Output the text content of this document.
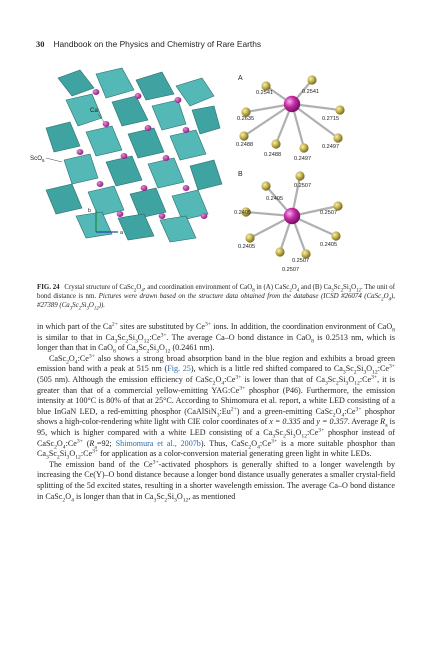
30 Handbook on the Physics and Chemistry of Rare Earths
Ca
ScO$_6$
b
a
A
0.2541	0.2541
0.2635	0.2715
0.2488	0.2497
0.2488
0.2497
B
0.2507
0.2405
0.2405	0.2507
0.2405	0.2405
0.2507
0.2507

FIG. 24 Crystal structure of $CaSc_2O_4$, and coordination environment of CaO$_8$ in (A) $CaSc_2O_4$ and (B) $Ca_3Sc_2Si_3O_{12}$. The unit of bond distance is nm. Pictures were drawn based on the structure data obtained from the database (ICSD #26074 $(CaSc_2O_4)$, #27389 $(Ca_3Sc_2Si_3O_{12})$).

in which part of the $Ca^{2+}$ sites are substituted by $Ce^{3+}$ ions. In addition, the coordination environment of CaO$_8$ is similar to that in $Ca_3Sc_2Si_3O_{12}:Ce^{3+}$. The average Ca–O bond distance in CaO$_8$ is 0.2513 nm, which is longer than that in CaO$_8$ of $Ca_3Sc_2Si_3O_{12}$ (0.2461 nm).

$CaSc_2O_4:Ce^{3+}$ also shows a strong broad absorption band in the blue region and exhibits a broad green emission band with a peak at 515 nm (Fig. 25), which is a little red shifted compared to $Ca_3Sc_2Si_3O_{12}:Ce^{3+}$ (505 nm). Although the emission efficiency of $CaSc_2O_4:Ce^{3+}$ is lower than that of $Ca_3Sc_2Si_3O_{12}:Ce^{3+}$, it is greater than that of a commercial yellow-emitting $YAG:Ce^{3+}$ phosphor (P46). Furthermore, the emission intensity at 100°C is 80% of that at 25°C. According to Shimomura et al. report, a white LED consisting of a blue InGaN LED, a red-emitting phosphor $(CaAlSiN_3:Eu^{2+})$ and a green-emitting $CaSc_2O_4:Ce^{3+}$ phosphor shows a high-color-rendering white light with CIE color coordinates of x = 0.335 and y = 0.357. Average $R_a$ is 95, which is higher compared with a white LED consisting of a $Ca_3Sc_2Si_3O_{12}:Ce^{3+}$ phosphor instead of $CaSc_2O_4:Ce^{3+}$ ($R_a=92$; Shimomura et al., 2007b). Thus, $CaSc_2O_4:Ce^{3+}$ is a more suitable phosphor than $Ca_3Sc_2Si_3O_{12}:Ce^{3+}$ for application as a color-conversion material generating green light in white LEDs.

The emission band of the $Ce^{3+}$-activated phosphors is generally shifted to a longer wavelength by increasing the Ce(Y)–O bond distance because a longer bond distance usually generates a smaller crystal-field splitting of the 5d excited states, resulting in a shorter wavelength emission. The average Ca–O bond distance in $CaSc_2O_4$ is longer than that in $Ca_3Sc_2Si_3O_{12}$, as mentioned
